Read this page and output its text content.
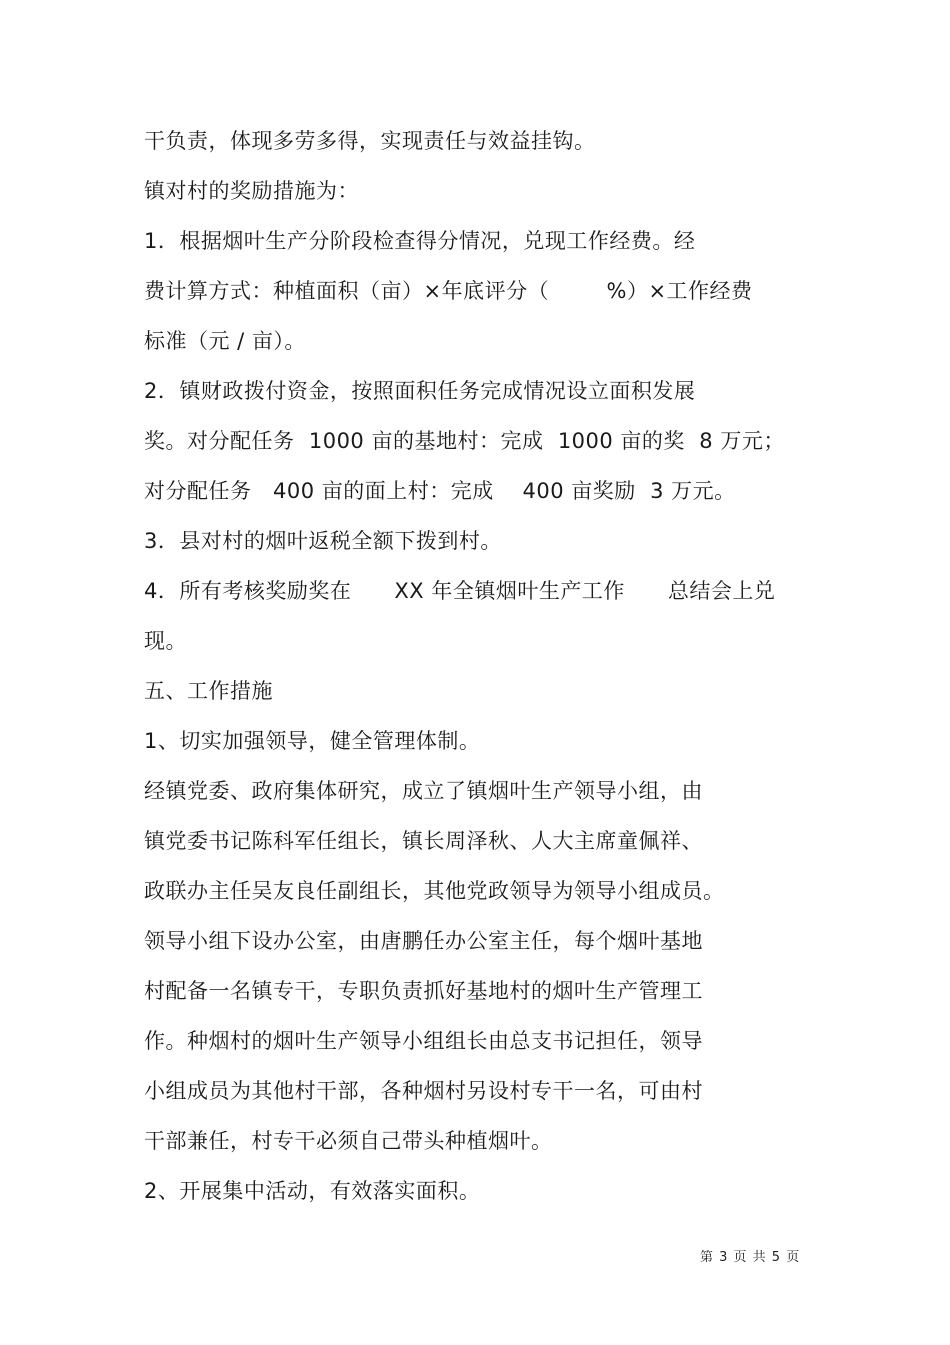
干负责，体现多劳多得，实现责任与效益挂钩。
镇对村的奖励措施为：
1．根据烟叶生产分阶段检查得分情况，兑现工作经费。经
费计算方式：种植面积（亩）×年底评分（        %）×工作经费
标准（元 / 亩）。
2．镇财政拨付资金，按照面积任务完成情况设立面积发展
奖。对分配任务  1000 亩的基地村：完成  1000 亩的奖  8 万元；
对分配任务   400 亩的面上村：完成    400 亩奖励  3 万元。
3．县对村的烟叶返税全额下拨到村。
4．所有考核奖励奖在      XX 年全镇烟叶生产工作      总结会上兑
现。
五、工作措施
1、切实加强领导，健全管理体制。
经镇党委、政府集体研究，成立了镇烟叶生产领导小组，由
镇党委书记陈科军任组长，镇长周泽秋、人大主席童佩祥、
政联办主任吴友良任副组长，其他党政领导为领导小组成员。
领导小组下设办公室，由唐鹏任办公室主任，每个烟叶基地
村配备一名镇专干，专职负责抓好基地村的烟叶生产管理工
作。种烟村的烟叶生产领导小组组长由总支书记担任，领导
小组成员为其他村干部，各种烟村另设村专干一名，可由村
干部兼任，村专干必须自己带头种植烟叶。
2、开展集中活动，有效落实面积。
第 3 页 共 5 页
